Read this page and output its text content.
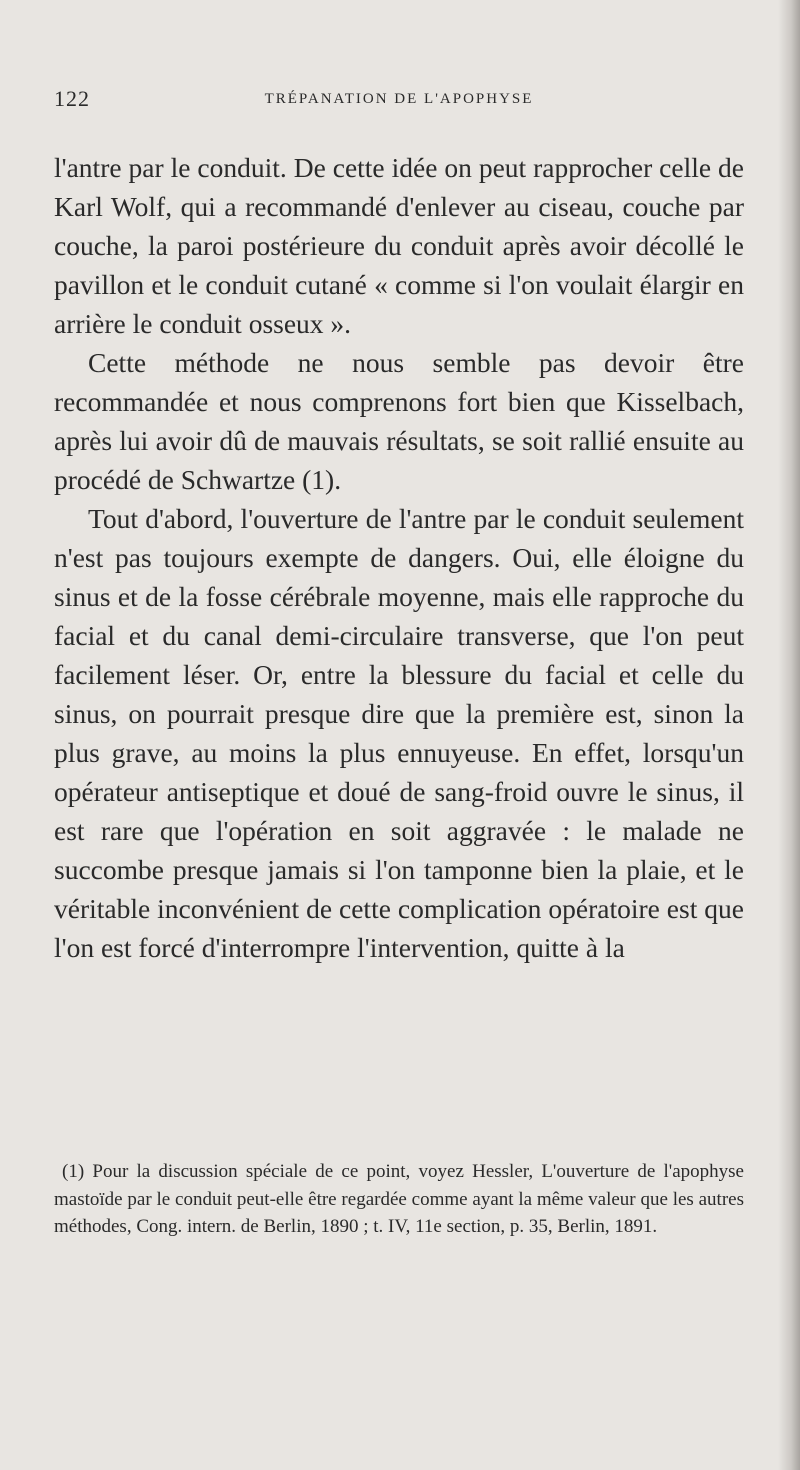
122	TRÉPANATION DE L'APOPHYSE

l'antre par le conduit. De cette idée on peut rapprocher celle de Karl Wolf, qui a recommandé d'enlever au ciseau, couche par couche, la paroi postérieure du conduit après avoir décollé le pavillon et le conduit cutané « comme si l'on voulait élargir en arrière le conduit osseux ».

Cette méthode ne nous semble pas devoir être recommandée et nous comprenons fort bien que Kisselbach, après lui avoir dû de mauvais résultats, se soit rallié ensuite au procédé de Schwartze (1).

Tout d'abord, l'ouverture de l'antre par le conduit seulement n'est pas toujours exempte de dangers. Oui, elle éloigne du sinus et de la fosse cérébrale moyenne, mais elle rapproche du facial et du canal demi-circulaire transverse, que l'on peut facilement léser. Or, entre la blessure du facial et celle du sinus, on pourrait presque dire que la première est, sinon la plus grave, au moins la plus ennuyeuse. En effet, lorsqu'un opérateur antiseptique et doué de sang-froid ouvre le sinus, il est rare que l'opération en soit aggravée : le malade ne succombe presque jamais si l'on tamponne bien la plaie, et le véritable inconvénient de cette complication opératoire est que l'on est forcé d'interrompre l'intervention, quitte à la

(1) Pour la discussion spéciale de ce point, voyez Hessler, L'ouverture de l'apophyse mastoïde par le conduit peut-elle être regardée comme ayant la même valeur que les autres méthodes, Cong. intern. de Berlin, 1890 ; t. IV, 11e section, p. 35, Berlin, 1891.
